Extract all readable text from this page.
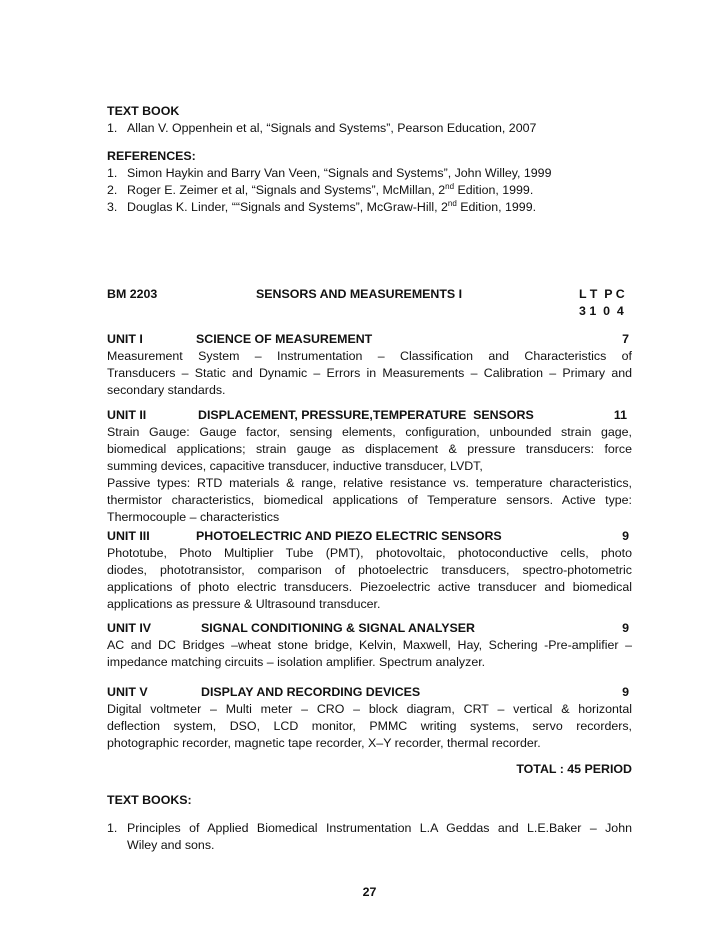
TEXT BOOK
1. Allan V. Oppenhein et al, “Signals and Systems”, Pearson Education, 2007
REFERENCES:
1. Simon Haykin and Barry Van Veen, “Signals and Systems”, John Willey, 1999
2. Roger E. Zeimer et al, “Signals and Systems”, McMillan, 2nd Edition, 1999.
3. Douglas K. Linder, ““Signals and Systems”, McGraw-Hill, 2nd Edition, 1999.
BM 2203	SENSORS AND MEASUREMENTS I	L T  P C
3 1  0  4
UNIT I	SCIENCE OF MEASUREMENT	7
Measurement System – Instrumentation – Classification and Characteristics of
Transducers – Static and Dynamic – Errors in Measurements – Calibration – Primary and
secondary standards.
UNIT II	DISPLACEMENT, PRESSURE,TEMPERATURE  SENSORS	11
Strain Gauge: Gauge factor, sensing elements, configuration, unbounded strain gage,
biomedical applications; strain gauge as displacement & pressure transducers: force
summing devices, capacitive transducer, inductive transducer, LVDT,
Passive types: RTD materials & range, relative resistance vs. temperature characteristics,
thermistor characteristics, biomedical applications of Temperature sensors. Active type:
Thermocouple – characteristics
UNIT III	PHOTOELECTRIC AND PIEZO ELECTRIC SENSORS	9
Phototube, Photo Multiplier Tube (PMT), photovoltaic, photoconductive cells, photo
diodes, phototransistor, comparison of photoelectric transducers, spectro-photometric
applications of photo electric transducers. Piezoelectric active transducer and biomedical
applications as pressure & Ultrasound transducer.
UNIT IV	SIGNAL CONDITIONING & SIGNAL ANALYSER	9
AC and DC Bridges –wheat stone bridge, Kelvin, Maxwell, Hay, Schering -Pre-amplifier –
impedance matching circuits – isolation amplifier. Spectrum analyzer.
UNIT V	DISPLAY AND RECORDING DEVICES	9
Digital voltmeter – Multi meter – CRO – block diagram, CRT – vertical & horizontal
deflection system, DSO, LCD monitor, PMMC writing systems, servo recorders,
photographic recorder, magnetic tape recorder, X–Y recorder, thermal recorder.
TOTAL : 45 PERIOD
TEXT BOOKS:
1. Principles of Applied Biomedical Instrumentation L.A Geddas and L.E.Baker – John
Wiley and sons.
27
